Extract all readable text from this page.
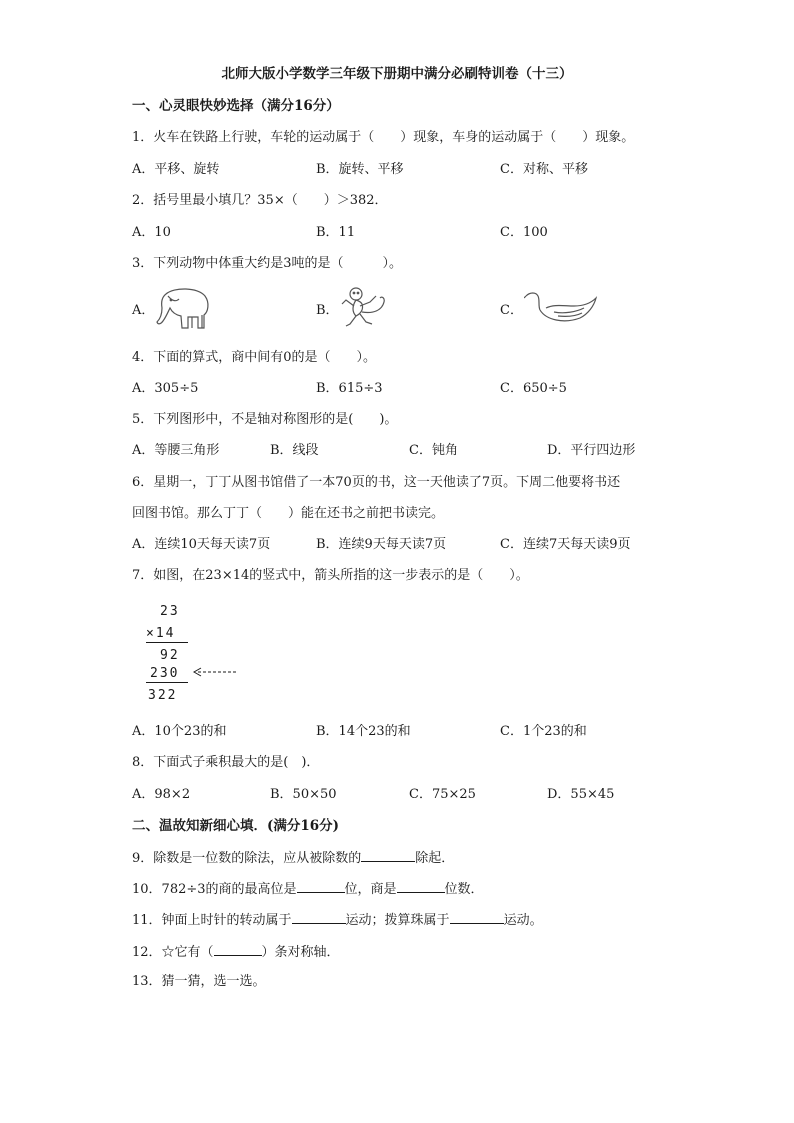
北师大版小学数学三年级下册期中满分必刷特训卷（十三）
一、心灵眼快妙选择（满分16分）
1．火车在铁路上行驶，车轮的运动属于（　　）现象，车身的运动属于（　　）现象。
A．平移、旋转	B．旋转、平移	C．对称、平移
2．括号里最小填几？35×（　　）＞382．
A．10	B．11	C．100
3．下列动物中体重大约是3吨的是（　　　）。
A．	B．	C．
4．下面的算式，商中间有0的是（　　）。
A．305÷5	B．615÷3	C．650÷5
5．下列图形中，不是轴对称图形的是(　　)。
A．等腰三角形	B．线段	C．钝角	D．平行四边形
6．星期一，丁丁从图书馆借了一本70页的书，这一天他读了7页。下周二他要将书还
回图书馆。那么丁丁（　　）能在还书之前把书读完。
A．连续10天每天读7页	B．连续9天每天读7页	C．连续7天每天读9页
7．如图，在23×14的竖式中，箭头所指的这一步表示的是（　　）。
23
×14
92
230
322
A．10个23的和	B．14个23的和	C．1个23的和
8．下面式子乘积最大的是(　)．
A．98×2	B．50×50	C．75×25	D．55×45
二、温故知新细心填．(满分16分)
9．除数是一位数的除法，应从被除数的	除起．
10．782÷3的商的最高位是	位，商是	位数．
11．钟面上时针的转动属于	运动；拨算珠属于	运动。
12．☆它有（	）条对称轴．
13．猜一猜，选一选。
